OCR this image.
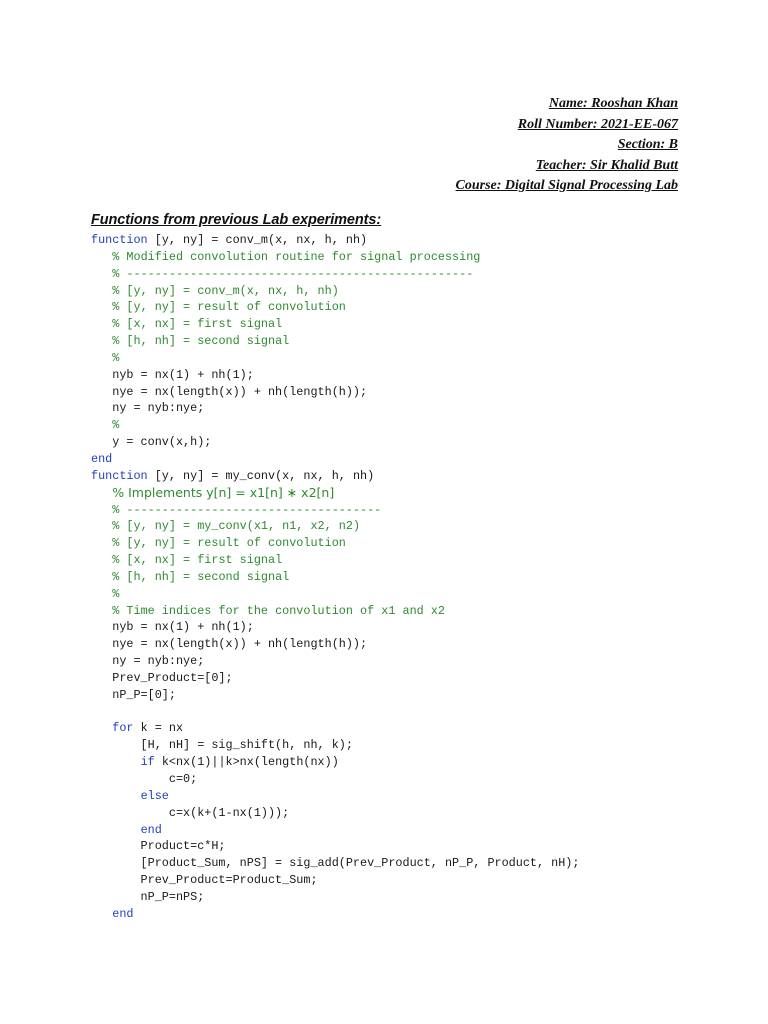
Name: Rooshan Khan
Roll Number: 2021-EE-067
Section: B
Teacher: Sir Khalid Butt
Course: Digital Signal Processing Lab
Functions from previous Lab experiments:
function [y, ny] = conv_m(x, nx, h, nh)
% Modified convolution routine for signal processing
% -------------------------------------------------
% [y, ny] = conv_m(x, nx, h, nh)
% [y, ny] = result of convolution
% [x, nx] = first signal
% [h, nh] = second signal
%
nyb = nx(1) + nh(1);
nye = nx(length(x)) + nh(length(h));
ny = nyb:nye;
%
y = conv(x,h);
end
function [y, ny] = my_conv(x, nx, h, nh)
% Implements y[n] = x1[n] ∗ x2[n]
% ------------------------------------
% [y, ny] = my_conv(x1, n1, x2, n2)
% [y, ny] = result of convolution
% [x, nx] = first signal
% [h, nh] = second signal
%
% Time indices for the convolution of x1 and x2
nyb = nx(1) + nh(1);
nye = nx(length(x)) + nh(length(h));
ny = nyb:nye;
Prev_Product=[0];
nP_P=[0];
for k = nx
[H, nH] = sig_shift(h, nh, k);
if k<nx(1)||k>nx(length(nx))
c=0;
else
c=x(k+(1-nx(1)));
end
Product=c*H;
[Product_Sum, nPS] = sig_add(Prev_Product, nP_P, Product, nH);
Prev_Product=Product_Sum;
nP_P=nPS;
end
